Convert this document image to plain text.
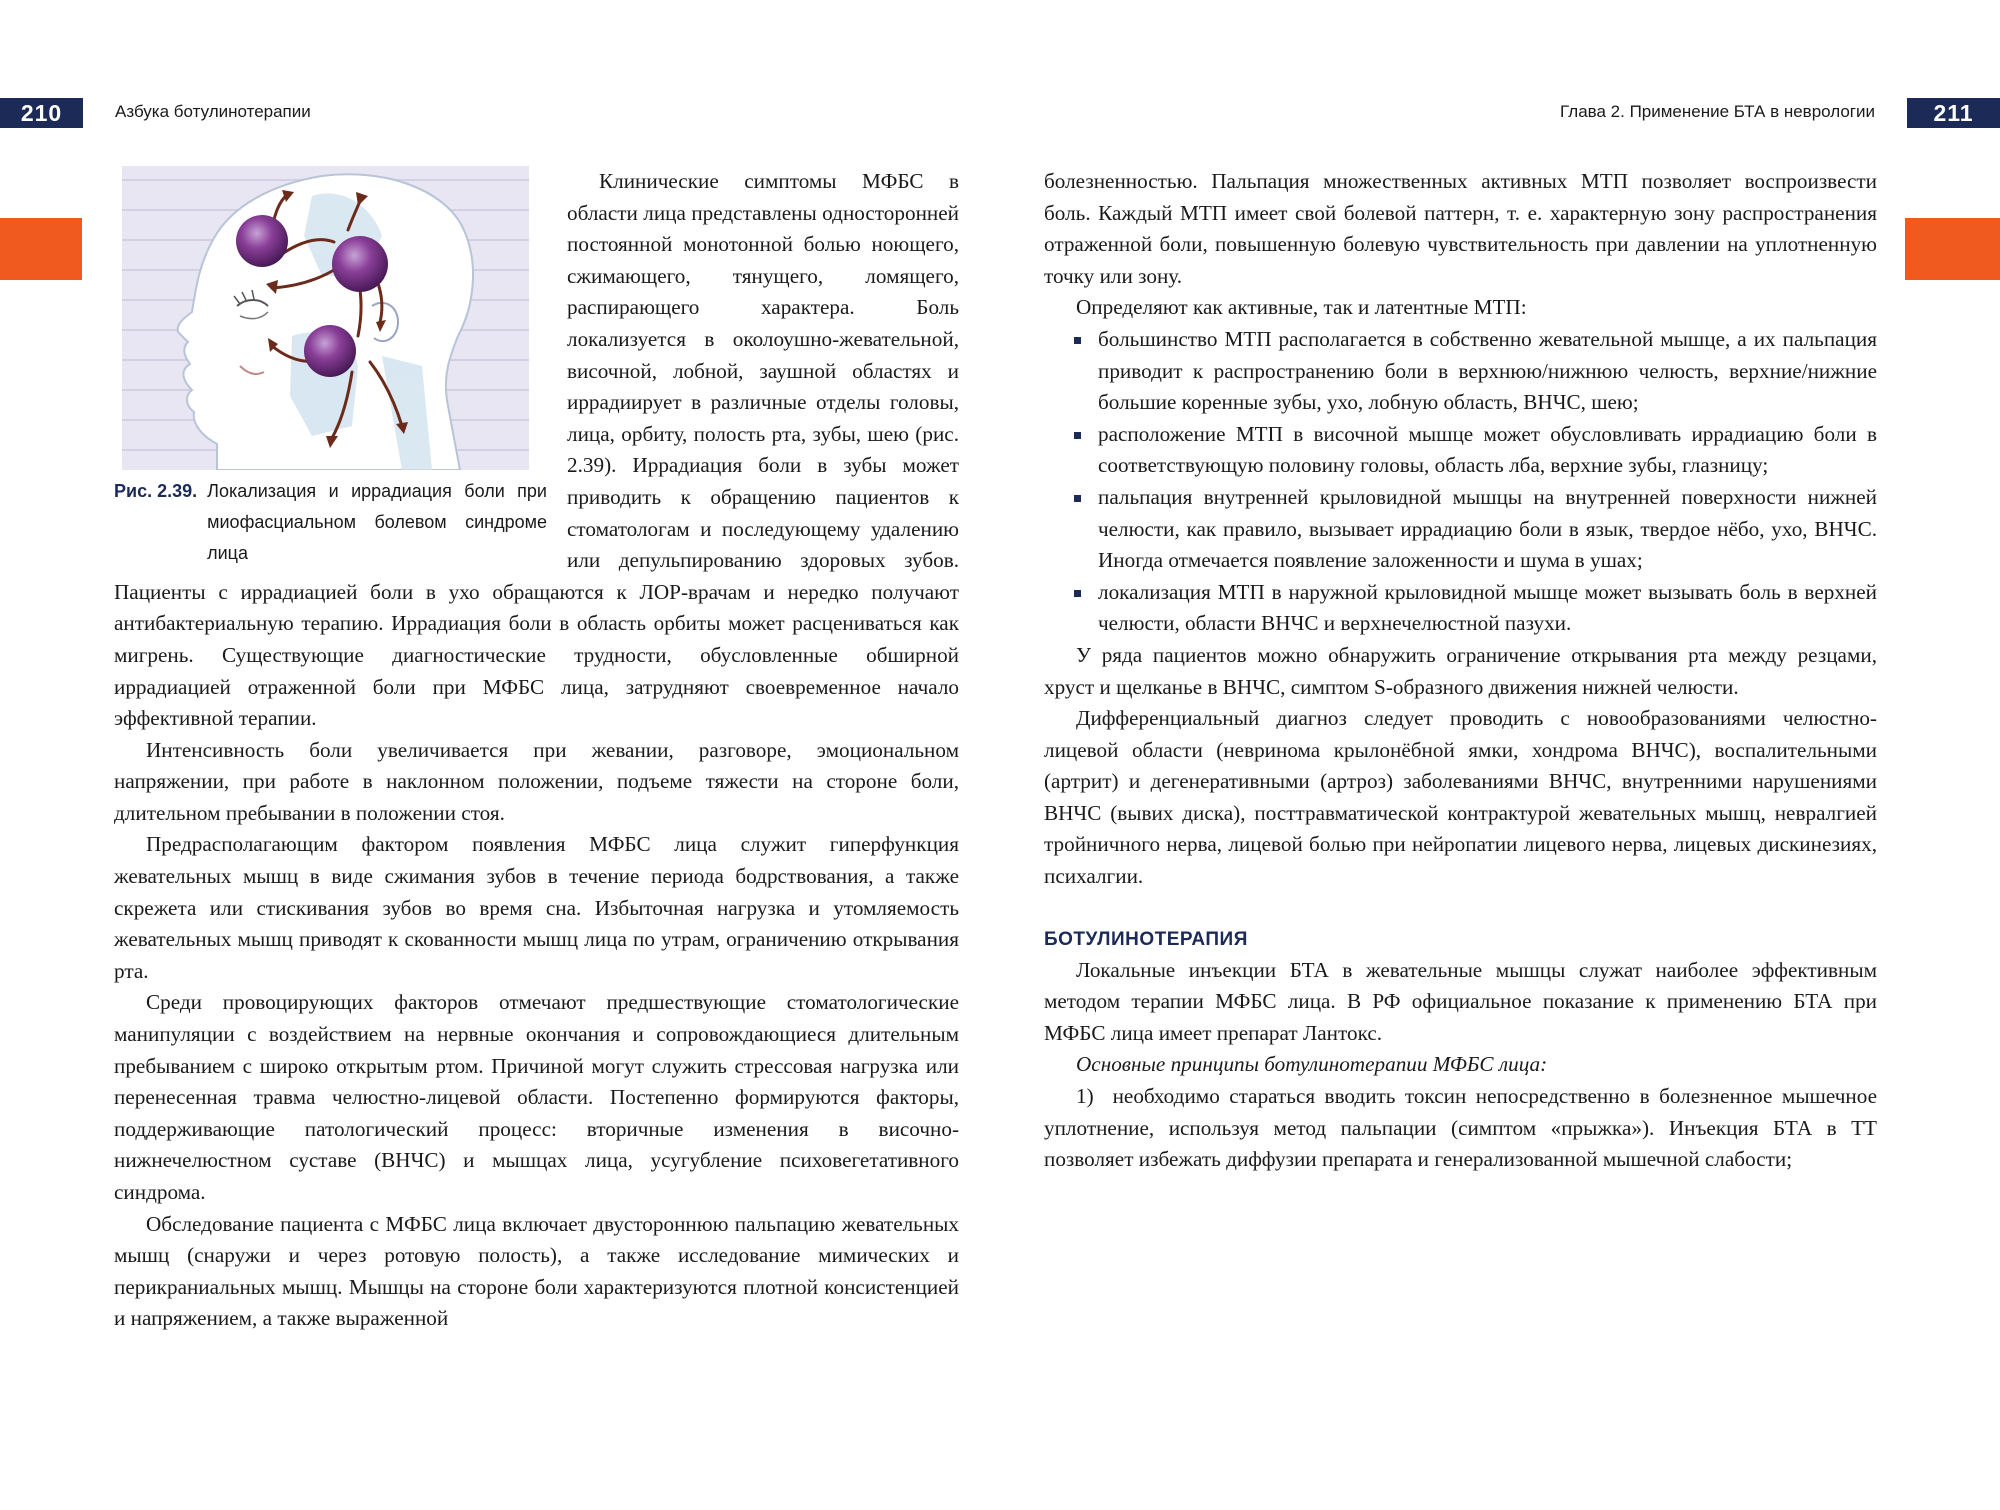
210	Азбука ботулинотерапии	Глава 2. Применение БТА в неврологии	211
Рис. 2.39. Локализация и иррадиация боли при миофасциальном болевом синдроме лица

Клинические симптомы МФБС в области лица представлены односторонней постоянной монотонной болью ноющего, сжимающего, тянущего, ломящего, распирающего характера. Боль локализуется в околоушно-жевательной, височной, лобной, заушной областях и иррадиирует в различные отделы головы, лица, орбиту, полость рта, зубы, шею (рис. 2.39). Иррадиация боли в зубы может приводить к обращению пациентов к стоматологам и последующему удалению или депульпированию здоровых зубов. Пациенты с иррадиацией боли в ухо обращаются к ЛОР-врачам и нередко получают антибактериальную терапию. Иррадиация боли в область орбиты может расцениваться как мигрень. Существующие диагностические трудности, обусловленные обширной иррадиацией отраженной боли при МФБС лица, затрудняют своевременное начало эффективной терапии.

Интенсивность боли увеличивается при жевании, разговоре, эмоциональном напряжении, при работе в наклонном положении, подъеме тяжести на стороне боли, длительном пребывании в положении стоя.

Предрасполагающим фактором появления МФБС лица служит гиперфункция жевательных мышц в виде сжимания зубов в течение периода бодрствования, а также скрежета или стискивания зубов во время сна. Избыточная нагрузка и утомляемость жевательных мышц приводят к скованности мышц лица по утрам, ограничению открывания рта.

Среди провоцирующих факторов отмечают предшествующие стоматологические манипуляции с воздействием на нервные окончания и сопровождающиеся длительным пребыванием с широко открытым ртом. Причиной могут служить стрессовая нагрузка или перенесенная травма челюстно-лицевой области. Постепенно формируются факторы, поддерживающие патологический процесс: вторичные изменения в височно-нижнечелюстном суставе (ВНЧС) и мышцах лица, усугубление психовегетативного синдрома.

Обследование пациента с МФБС лица включает двустороннюю пальпацию жевательных мышц (снаружи и через ротовую полость), а также исследование мимических и перикраниальных мышц. Мышцы на стороне боли характеризуются плотной консистенцией и напряжением, а также выраженной

болезненностью. Пальпация множественных активных МТП позволяет воспроизвести боль. Каждый МТП имеет свой болевой паттерн, т. е. характерную зону распространения отраженной боли, повышенную болевую чувствительность при давлении на уплотненную точку или зону.

Определяют как активные, так и латентные МТП:

большинство МТП располагается в собственно жевательной мышце, а их пальпация приводит к распространению боли в верхнюю/нижнюю челюсть, верхние/нижние большие коренные зубы, ухо, лобную область, ВНЧС, шею;
расположение МТП в височной мышце может обусловливать иррадиацию боли в соответствующую половину головы, область лба, верхние зубы, глазницу;
пальпация внутренней крыловидной мышцы на внутренней поверхности нижней челюсти, как правило, вызывает иррадиацию боли в язык, твердое нёбо, ухо, ВНЧС. Иногда отмечается появление заложенности и шума в ушах;
локализация МТП в наружной крыловидной мышце может вызывать боль в верхней челюсти, области ВНЧС и верхнечелюстной пазухи.

У ряда пациентов можно обнаружить ограничение открывания рта между резцами, хруст и щелканье в ВНЧС, симптом S-образного движения нижней челюсти.

Дифференциальный диагноз следует проводить с новообразованиями челюстно-лицевой области (невринома крылонёбной ямки, хондрома ВНЧС), воспалительными (артрит) и дегенеративными (артроз) заболеваниями ВНЧС, внутренними нарушениями ВНЧС (вывих диска), посттравматической контрактурой жевательных мышц, невралгией тройничного нерва, лицевой болью при нейропатии лицевого нерва, лицевых дискинезиях, психалгии.

БОТУЛИНОТЕРАПИЯ

Локальные инъекции БТА в жевательные мышцы служат наиболее эффективным методом терапии МФБС лица. В РФ официальное показание к применению БТА при МФБС лица имеет препарат Лантокс.

Основные принципы ботулинотерапии МФБС лица:

1)  необходимо стараться вводить токсин непосредственно в болезненное мышечное уплотнение, используя метод пальпации (симптом «прыжка»). Инъекция БТА в ТТ позволяет избежать диффузии препарата и генерализованной мышечной слабости;
